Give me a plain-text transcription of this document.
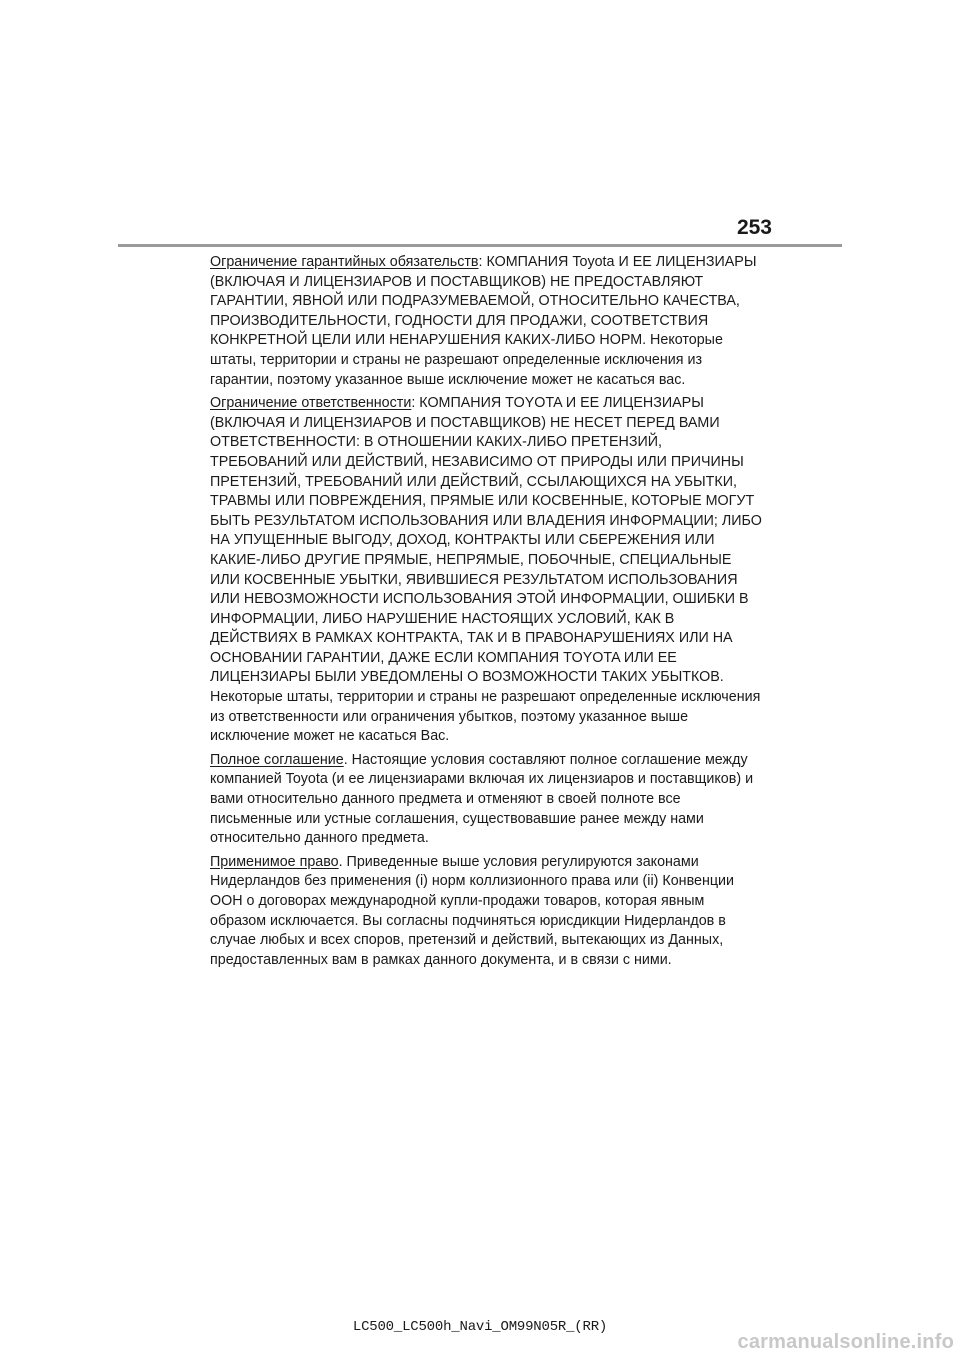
253

Ограничение гарантийных обязательств: КОМПАНИЯ Toyota И ЕЕ ЛИЦЕНЗИАРЫ (ВКЛЮЧАЯ И ЛИЦЕНЗИАРОВ И ПОСТАВЩИКОВ) НЕ ПРЕДОСТАВЛЯЮТ ГАРАНТИИ, ЯВНОЙ ИЛИ ПОДРАЗУМЕВАЕМОЙ, ОТНОСИТЕЛЬНО КАЧЕСТВА, ПРОИЗВОДИТЕЛЬНОСТИ, ГОДНОСТИ ДЛЯ ПРОДАЖИ, СООТВЕТСТВИЯ КОНКРЕТНОЙ ЦЕЛИ ИЛИ НЕНАРУШЕНИЯ КАКИХ-ЛИБО НОРМ. Некоторые штаты, территории и страны не разрешают определенные исключения из гарантии, поэтому указанное выше исключение может не касаться вас.

Ограничение ответственности: КОМПАНИЯ TOYOTA И ЕЕ ЛИЦЕНЗИАРЫ (ВКЛЮЧАЯ И ЛИЦЕНЗИАРОВ И ПОСТАВЩИКОВ) НЕ НЕСЕТ ПЕРЕД ВАМИ ОТВЕТСТВЕННОСТИ: В ОТНОШЕНИИ КАКИХ-ЛИБО ПРЕТЕНЗИЙ, ТРЕБОВАНИЙ ИЛИ ДЕЙСТВИЙ, НЕЗАВИСИМО ОТ ПРИРОДЫ ИЛИ ПРИЧИНЫ ПРЕТЕНЗИЙ, ТРЕБОВАНИЙ ИЛИ ДЕЙСТВИЙ, ССЫЛАЮЩИХСЯ НА УБЫТКИ, ТРАВМЫ ИЛИ ПОВРЕЖДЕНИЯ, ПРЯМЫЕ ИЛИ КОСВЕННЫЕ, КОТОРЫЕ МОГУТ БЫТЬ РЕЗУЛЬТАТОМ ИСПОЛЬЗОВАНИЯ ИЛИ ВЛАДЕНИЯ ИНФОРМАЦИИ; ЛИБО НА УПУЩЕННЫЕ ВЫГОДУ, ДОХОД, КОНТРАКТЫ ИЛИ СБЕРЕЖЕНИЯ ИЛИ КАКИЕ-ЛИБО ДРУГИЕ ПРЯМЫЕ, НЕПРЯМЫЕ, ПОБОЧНЫЕ, СПЕЦИАЛЬНЫЕ ИЛИ КОСВЕННЫЕ УБЫТКИ, ЯВИВШИЕСЯ РЕЗУЛЬТАТОМ ИСПОЛЬЗОВАНИЯ ИЛИ НЕВОЗМОЖНОСТИ ИСПОЛЬЗОВАНИЯ ЭТОЙ ИНФОРМАЦИИ, ОШИБКИ В ИНФОРМАЦИИ, ЛИБО НАРУШЕНИЕ НАСТОЯЩИХ УСЛОВИЙ, КАК В ДЕЙСТВИЯХ В РАМКАХ КОНТРАКТА, ТАК И В ПРАВОНАРУШЕНИЯХ ИЛИ НА ОСНОВАНИИ ГАРАНТИИ, ДАЖЕ ЕСЛИ КОМПАНИЯ TOYOTA ИЛИ ЕЕ ЛИЦЕНЗИАРЫ БЫЛИ УВЕДОМЛЕНЫ О ВОЗМОЖНОСТИ ТАКИХ УБЫТКОВ. Некоторые штаты, территории и страны не разрешают определенные исключения из ответственности или ограничения убытков, поэтому указанное выше исключение может не касаться Вас.

Полное соглашение. Настоящие условия составляют полное соглашение между компанией Toyota (и ее лицензиарами включая их лицензиаров и поставщиков) и вами относительно данного предмета и отменяют в своей полноте все письменные или устные соглашения, существовавшие ранее между нами относительно данного предмета.

Применимое право. Приведенные выше условия регулируются законами Нидерландов без применения (i) норм коллизионного права или (ii) Конвенции ООН о договорах международной купли-продажи товаров, которая явным образом исключается. Вы согласны подчиняться юрисдикции Нидерландов в случае любых и всех споров, претензий и действий, вытекающих из Данных, предоставленных вам в рамках данного документа, и в связи с ними.

LC500_LC500h_Navi_OM99N05R_(RR)
carmanualsonline.info
